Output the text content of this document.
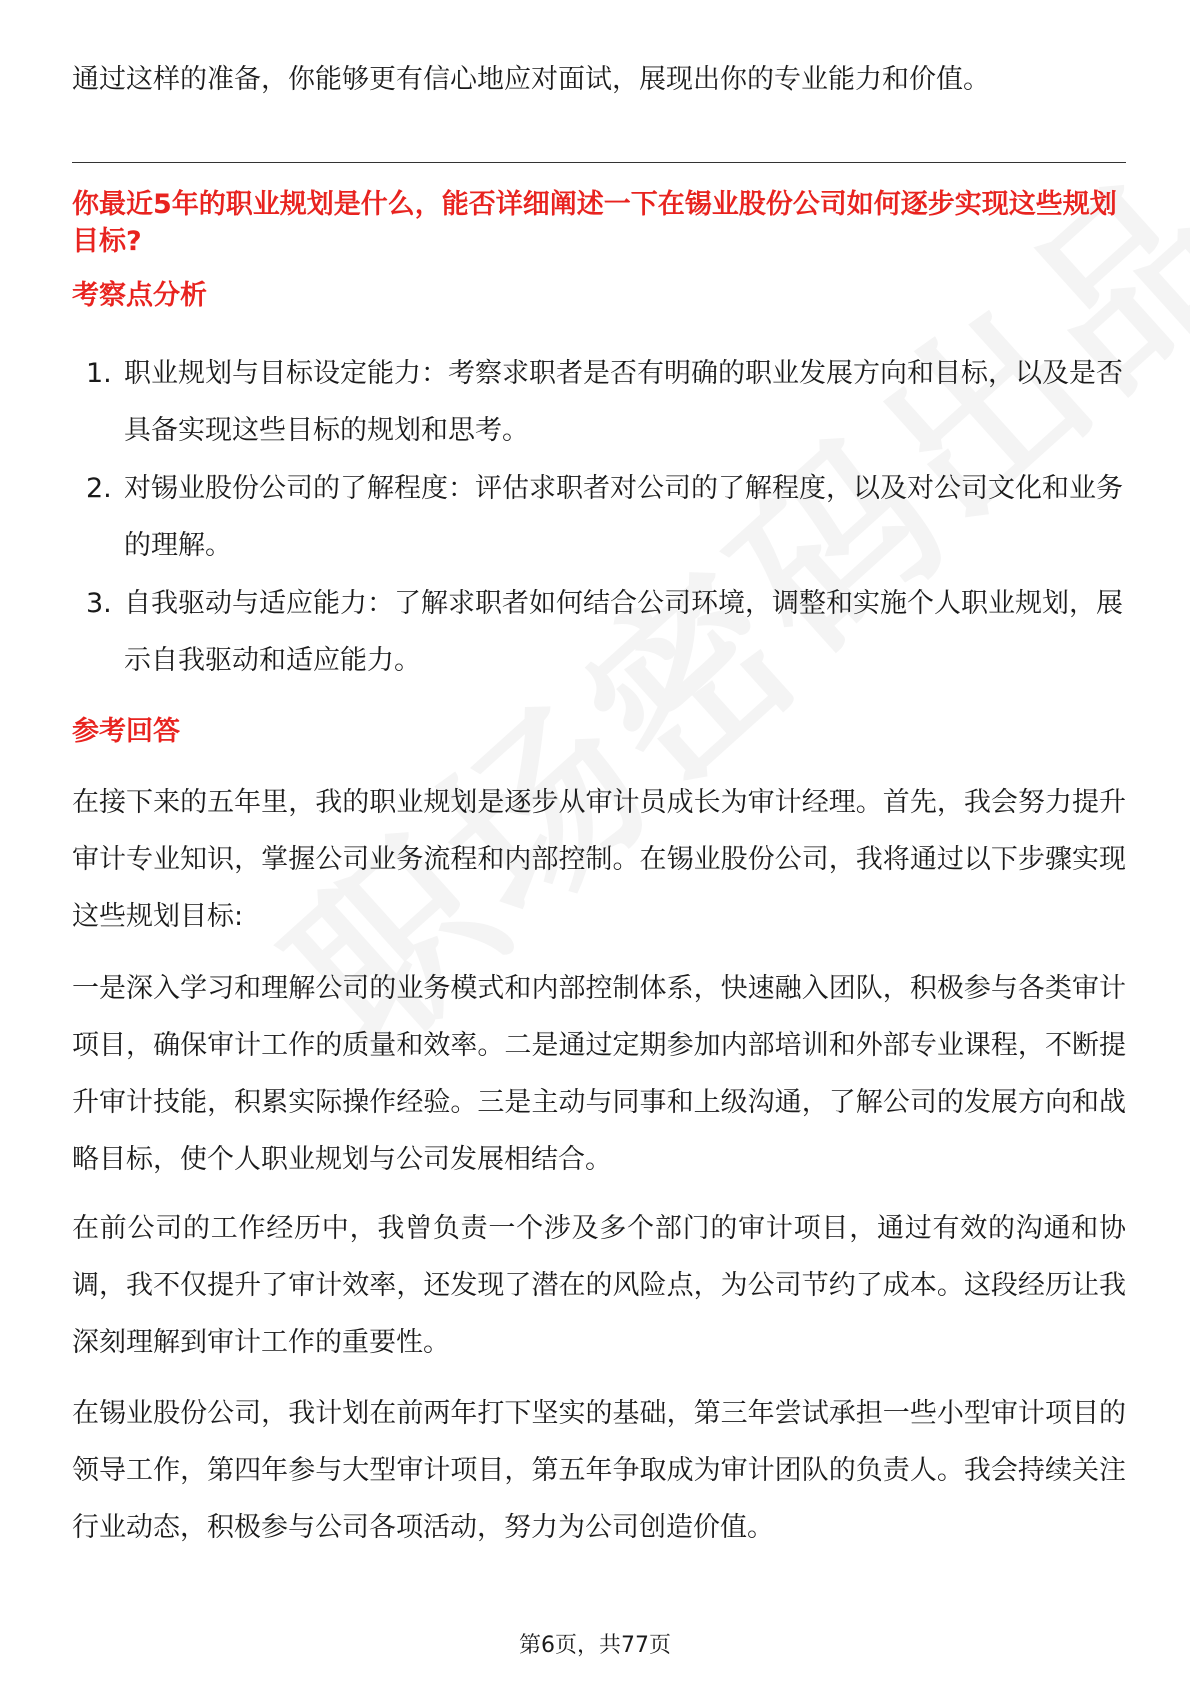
通过这样的准备，你能够更有信心地应对面试，展现出你的专业能力和价值。

你最近5年的职业规划是什么，能否详细阐述一下在锡业股份公司如何逐步实现这些规划目标?

考察点分析
1. 职业规划与目标设定能力：考察求职者是否有明确的职业发展方向和目标，以及是否具备实现这些目标的规划和思考。
2. 对锡业股份公司的了解程度：评估求职者对公司的了解程度，以及对公司文化和业务的理解。
3. 自我驱动与适应能力：了解求职者如何结合公司环境，调整和实施个人职业规划，展示自我驱动和适应能力。
参考回答

在接下来的五年里，我的职业规划是逐步从审计员成长为审计经理。首先，我会努力提升审计专业知识，掌握公司业务流程和内部控制。在锡业股份公司，我将通过以下步骤实现这些规划目标:

一是深入学习和理解公司的业务模式和内部控制体系，快速融入团队，积极参与各类审计项目，确保审计工作的质量和效率。二是通过定期参加内部培训和外部专业课程，不断提升审计技能，积累实际操作经验。三是主动与同事和上级沟通，了解公司的发展方向和战略目标，使个人职业规划与公司发展相结合。

在前公司的工作经历中，我曾负责一个涉及多个部门的审计项目，通过有效的沟通和协调，我不仅提升了审计效率，还发现了潜在的风险点，为公司节约了成本。这段经历让我深刻理解到审计工作的重要性。

在锡业股份公司，我计划在前两年打下坚实的基础，第三年尝试承担一些小型审计项目的领导工作，第四年参与大型审计项目，第五年争取成为审计团队的负责人。我会持续关注行业动态，积极参与公司各项活动，努力为公司创造价值。

第6页，共77页
